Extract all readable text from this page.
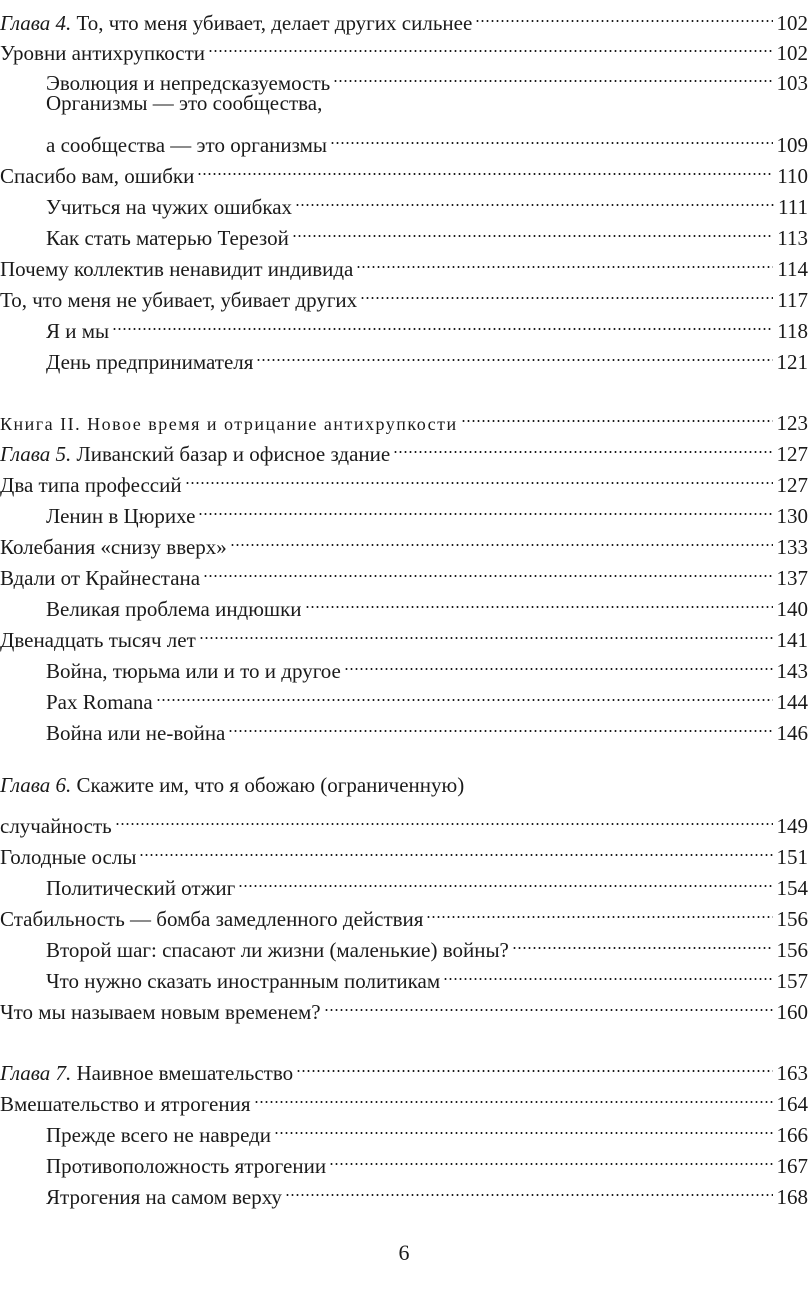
Глава 4. То, что меня убивает, делает других сильнее	102
Уровни антихрупкости	102
Эволюция и непредсказуемость	103
Организмы — это сообщества,
а сообщества — это организмы	109
Спасибо вам, ошибки	110
Учиться на чужих ошибках	111
Как стать матерью Терезой	113
Почему коллектив ненавидит индивида	114
То, что меня не убивает, убивает других	117
Я и мы	118
День предпринимателя	121
Книга II. Новое время и отрицание антихрупкости	123
Глава 5. Ливанский базар и офисное здание	127
Два типа профессий	127
Ленин в Цюрихе	130
Колебания «снизу вверх»	133
Вдали от Крайнестана	137
Великая проблема индюшки	140
Двенадцать тысяч лет	141
Война, тюрьма или и то и другое	143
Pax Romana	144
Война или не-война	146
Глава 6. Скажите им, что я обожаю (ограниченную)
случайность	149
Голодные ослы	151
Политический отжиг	154
Стабильность — бомба замедленного действия	156
Второй шаг: спасают ли жизни (маленькие) войны?	156
Что нужно сказать иностранным политикам	157
Что мы называем новым временем?	160
Глава 7. Наивное вмешательство	163
Вмешательство и ятрогения	164
Прежде всего не навреди	166
Противоположность ятрогении	167
Ятрогения на самом верху	168
6
